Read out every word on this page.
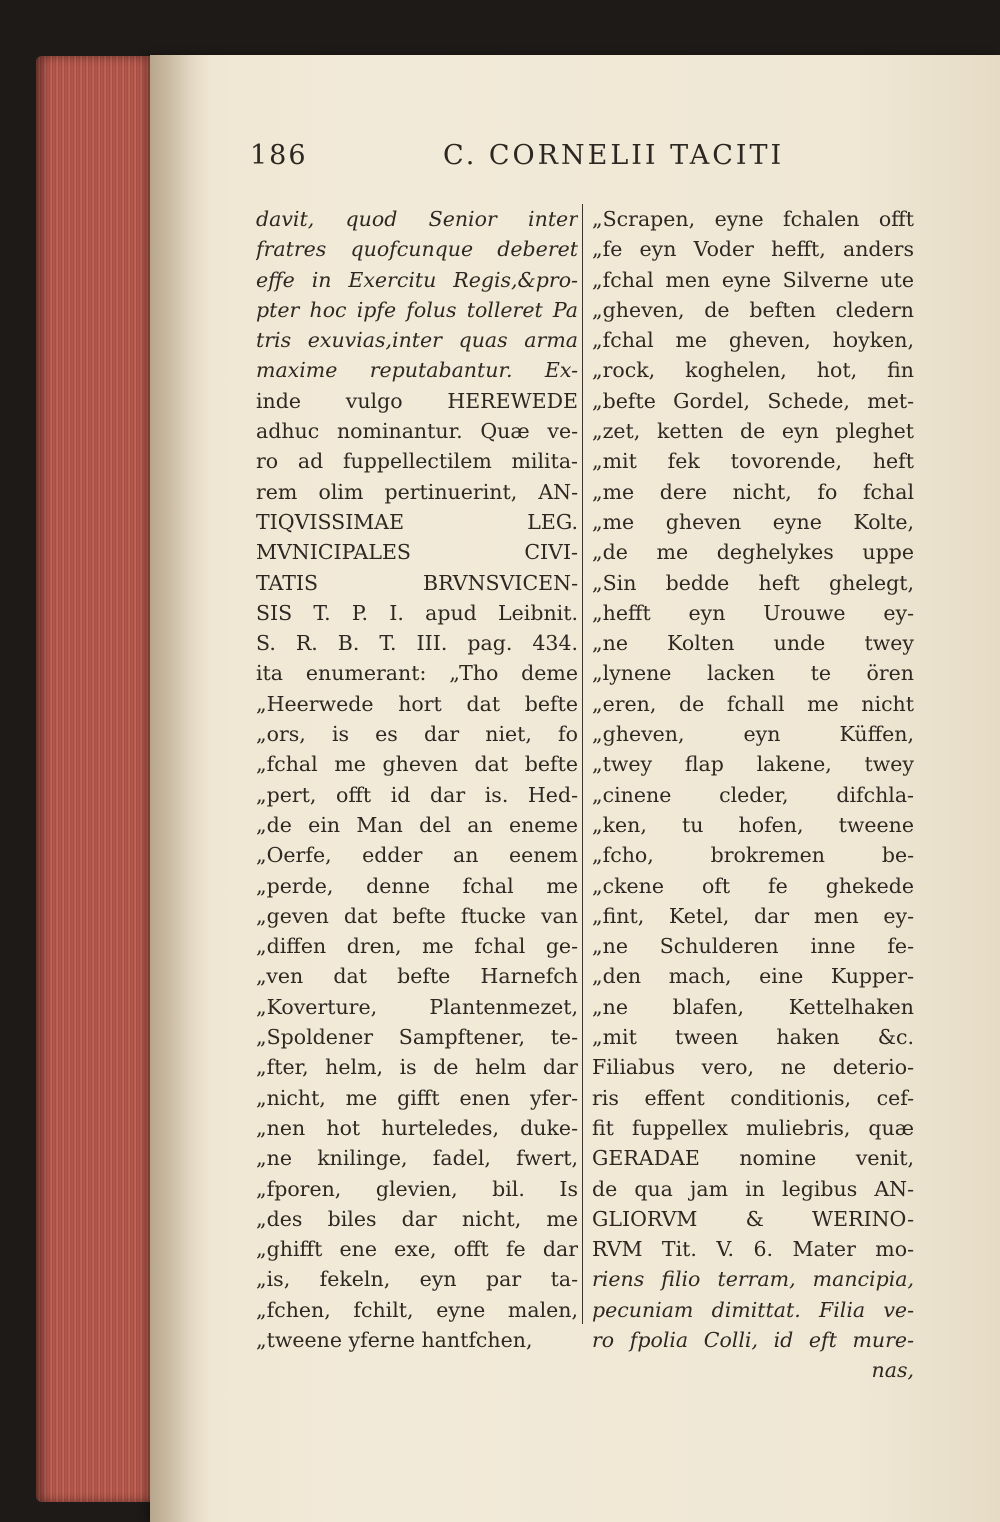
186	C. CORNELII TACITI
davit, quod Senior inter
fratres quofcunque deberet
effe in Exercitu Regis,&pro-
pter hoc ipfe folus tolleret Pa
tris exuvias,inter quas arma
maxime reputabantur. Ex-
inde vulgo HEREWEDE
adhuc nominantur. Quæ ve-
ro ad fuppellectilem milita-
rem olim pertinuerint, AN-
TIQVISSIMAE LEG.
MVNICIPALES CIVI-
TATIS BRVNSVICEN-
SIS T. P. I. apud Leibnit.
S. R. B. T. III. pag. 434.
ita enumerant: „Tho deme
„Heerwede hort dat befte
„ors, is es dar niet, fo
„fchal me gheven dat befte
„pert, offt id dar is. Hed-
„de ein Man del an eneme
„Oerfe, edder an eenem
„perde, denne fchal me
„geven dat befte ftucke van
„diffen dren, me fchal ge-
„ven dat befte Harnefch
„Koverture, Plantenmezet,
„Spoldener Sampftener, te-
„fter, helm, is de helm dar
„nicht, me gifft enen yfer-
„nen hot hurteledes, duke-
„ne knilinge, fadel, fwert,
„fporen, glevien, bil. Is
„des biles dar nicht, me
„ghifft ene exe, offt fe dar
„is, fekeln, eyn par ta-
„fchen, fchilt, eyne malen,
„tweene yferne hantfchen,
„Scrapen, eyne fchalen offt
„fe eyn Voder hefft, anders
„fchal men eyne Silverne ute
„gheven, de beften cledern
„fchal me gheven, hoyken,
„rock, koghelen, hot, fin
„befte Gordel, Schede, met-
„zet, ketten de eyn pleghet
„mit fek tovorende, heft
„me dere nicht, fo fchal
„me gheven eyne Kolte,
„de me deghelykes uppe
„Sin bedde heft ghelegt,
„hefft eyn Urouwe ey-
„ne Kolten unde twey
„lynene lacken te ören
„eren, de fchall me nicht
„gheven, eyn Küffen,
„twey flap lakene, twey
„cinene cleder, difchla-
„ken, tu hofen, tweene
„fcho, brokremen be-
„ckene oft fe ghekede
„fint, Ketel, dar men ey-
„ne Schulderen inne fe-
„den mach, eine Kupper-
„ne blafen, Kettelhaken
„mit tween haken &c.
Filiabus vero, ne deterio-
ris effent conditionis, cef-
fit fuppellex muliebris, quæ
GERADAE nomine venit,
de qua jam in legibus AN-
GLIORVM & WERINO-
RVM Tit. V. 6. Mater mo-
riens filio terram, mancipia,
pecuniam dimittat. Filia ve-
ro fpolia Colli, id eft mure-
nas,
